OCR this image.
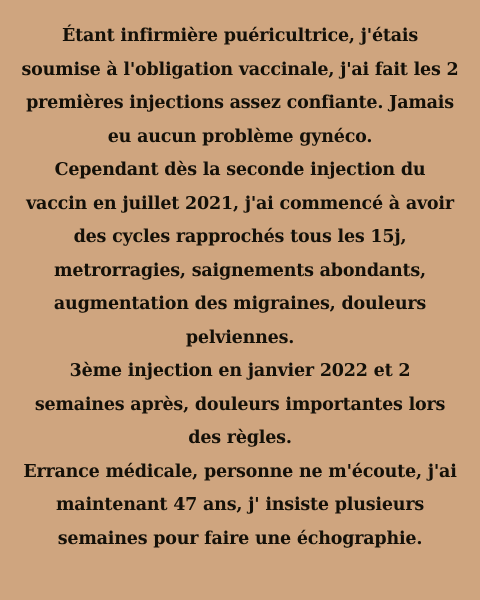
Étant infirmière puéricultrice, j'étais
soumise à l'obligation vaccinale, j'ai fait les 2
premières injections assez confiante. Jamais
eu aucun problème gynéco.
Cependant dès la seconde injection du
vaccin en juillet 2021, j'ai commencé à avoir
des cycles rapprochés tous les 15j,
metrorragies, saignements abondants,
augmentation des migraines, douleurs
pelviennes.
3ème injection en janvier 2022 et 2
semaines après, douleurs importantes lors
des règles.
Errance médicale, personne ne m'écoute, j'ai
maintenant 47 ans, j' insiste plusieurs
semaines pour faire une échographie.
